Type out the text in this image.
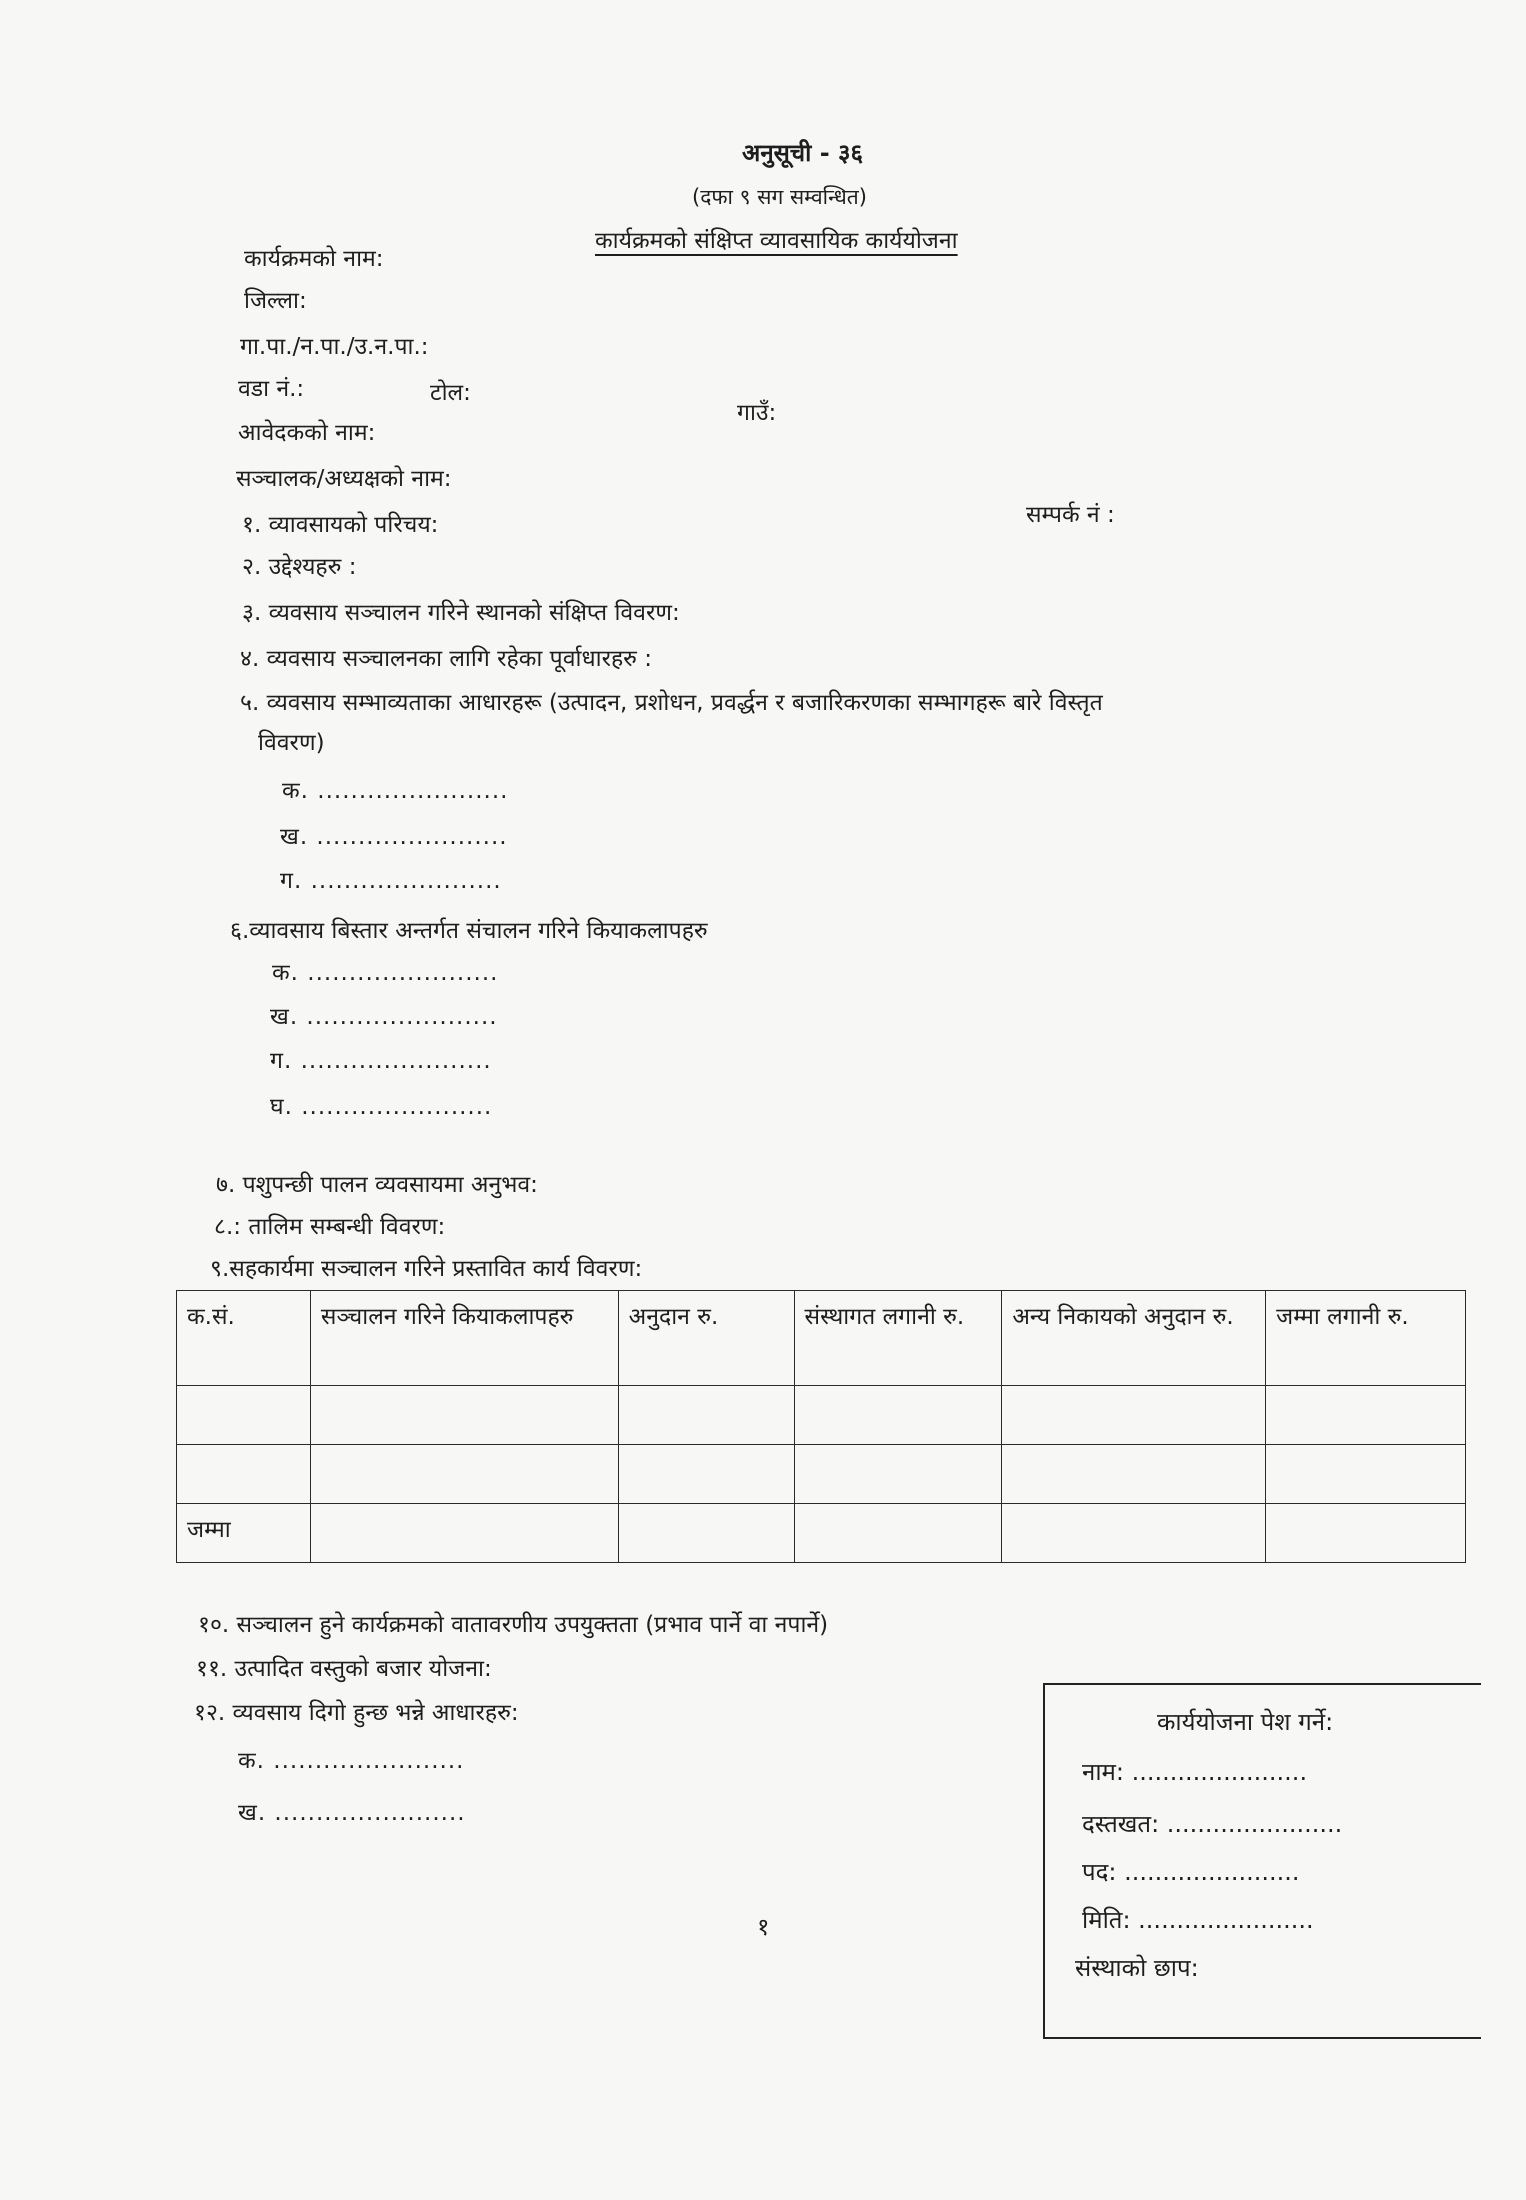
अनुसूची - ३६
(दफा ९ सग सम्वन्धित)
कार्यक्रमको संक्षिप्त व्यावसायिक कार्ययोजना
कार्यक्रमको नाम:
जिल्ला:
गा.पा./न.पा./उ.न.पा.:
वडा नं.:	टोल:
गाउँ:
आवेदकको नाम:
सञ्चालक/अध्यक्षको नाम:
सम्पर्क नं :
१. व्यावसायको परिचय:
२. उद्देश्यहरु :
३. व्यवसाय सञ्चालन गरिने स्थानको संक्षिप्त विवरण:
४. व्यवसाय सञ्चालनका लागि रहेका पूर्वाधारहरु :
५. व्यवसाय सम्भाव्यताका आधारहरू (उत्पादन, प्रशोधन, प्रवर्द्धन र बजारिकरणका सम्भागहरू बारे विस्तृत
विवरण)
क. .......................
ख. .......................
ग. .......................
६.व्यावसाय बिस्तार अन्तर्गत संचालन गरिने कियाकलापहरु
क. .......................
ख. .......................
ग. .......................
घ. .......................
७. पशुपन्छी पालन व्यवसायमा अनुभव:
८.: तालिम सम्बन्धी विवरण:
९.सहकार्यमा सञ्चालन गरिने प्रस्तावित कार्य विवरण:
क.सं.	सञ्चालन गरिने कियाकलापहरु	अनुदान रु.	संस्थागत लगानी रु.	अन्य निकायको अनुदान रु.	जम्मा लगानी रु.

जम्मा					
१०. सञ्चालन हुने कार्यक्रमको वातावरणीय उपयुक्तता (प्रभाव पार्ने वा नपार्ने)
११. उत्पादित वस्तुको बजार योजना:
१२. व्यवसाय दिगो हुन्छ भन्ने आधारहरु:
क. .......................
ख. .......................
कार्ययोजना पेश गर्ने:
नाम: .......................
दस्तखत: .......................
पद: .......................
मिति: .......................
संस्थाको छाप:
१
